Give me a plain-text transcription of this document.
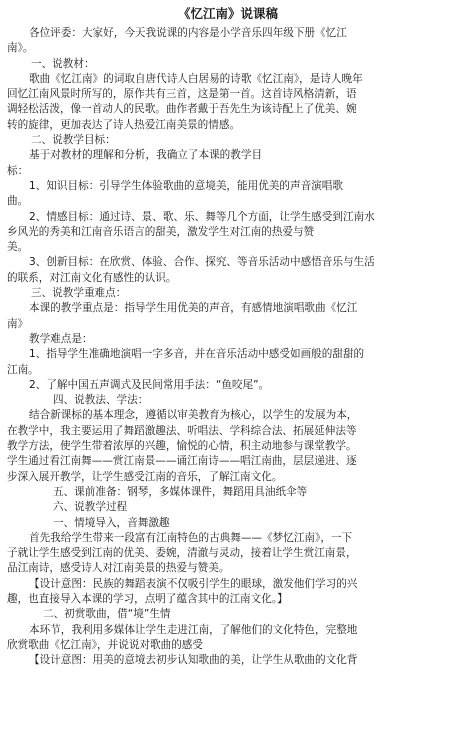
《忆江南》说课稿

各位评委：大家好，今天我说课的内容是小学音乐四年级下册《忆江

南》。

一、说教材：

歌曲《忆江南》的词取自唐代诗人白居易的诗歌《忆江南》，是诗人晚年

回忆江南风景时所写的，原作共有三首，这是第一首。这首诗风格清新，语

调轻松活泼，像一首动人的民歌。曲作者戴于吾先生为该诗配上了优美、婉

转的旋律，更加表达了诗人热爱江南美景的情感。

二、说教学目标：

基于对教材的理解和分析，我确立了本课的教学目

标：

1、知识目标：引导学生体验歌曲的意境美，能用优美的声音演唱歌

曲。

2、情感目标：通过诗、景、歌、乐、舞等几个方面，让学生感受到江南水

乡风光的秀美和江南音乐语言的甜美，激发学生对江南的热爱与赞

美。

3、创新目标：在欣赏、体验、合作、探究、等音乐活动中感悟音乐与生活

的联系，对江南文化有感性的认识。

三、说教学重难点：

本课的教学重点是：指导学生用优美的声音，有感情地演唱歌曲《忆江

南》

教学难点是：

1、指导学生准确地演唱一字多音，并在音乐活动中感受如画般的甜甜的

江南。

2、了解中国五声调式及民间常用手法：“鱼咬尾”。

四、说教法、学法：

结合新课标的基本理念，遵循以审美教育为核心，以学生的发展为本，

在教学中，我主要运用了舞蹈激趣法、听唱法、学科综合法、拓展延伸法等

教学方法，使学生带着浓厚的兴趣，愉悦的心情，积主动地参与课堂教学。

学生通过看江南舞——赏江南景——诵江南诗——唱江南曲，层层递进、逐

步深入展开教学，让学生感受江南的音乐，了解江南文化。

五、课前准备：钢琴，多媒体课件，舞蹈用具油纸伞等

六、说教学过程

一、情境导入，音舞激趣

首先我给学生带来一段富有江南特色的古典舞——《梦忆江南》，一下

子就让学生感受到江南的优美、委婉，清澈与灵动，接着让学生赏江南景，

品江南诗，感受诗人对江南美景的热爱与赞美。

【设计意图：民族的舞蹈表演不仅吸引学生的眼球，激发他们学习的兴

趣，也直接导入本课的学习，点明了蕴含其中的江南文化。】

二、初赏歌曲，借“境”生情

本环节，我利用多媒体让学生走进江南，了解他们的文化特色，完整地

欣赏歌曲《忆江南》，并说说对歌曲的感受

【设计意图：用美的意境去初步认知歌曲的美，让学生从歌曲的文化背
